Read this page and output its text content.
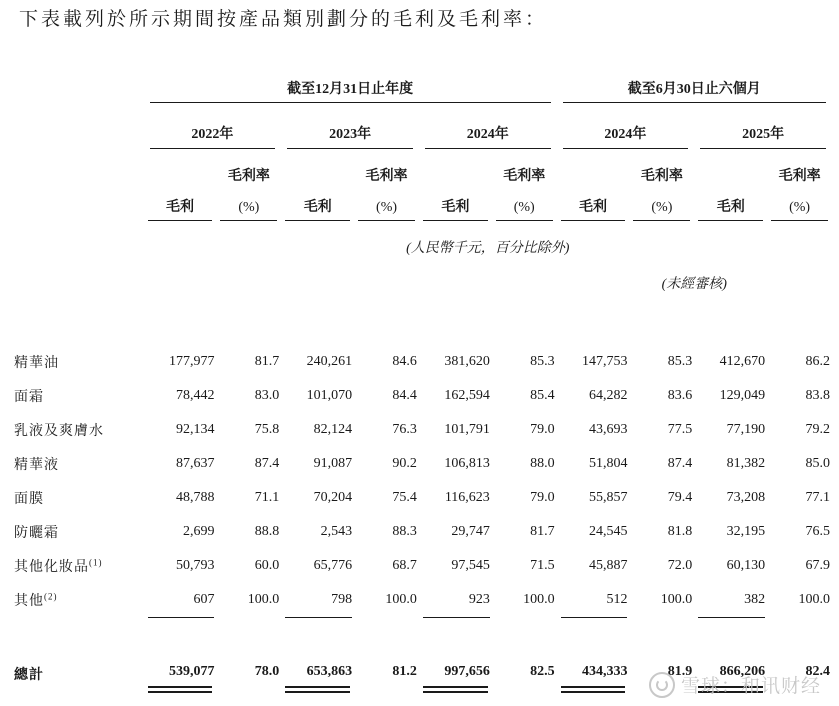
下表載列於所示期間按產品類別劃分的毛利及毛利率：

	截至12月31日止年度						截至6月30日止六個月			

	2022年		2023年		2024年		2024年		2025年	

		毛利率		毛利率		毛利率		毛利率		毛利率

	毛利	(%)	毛利	(%)	毛利	(%)	毛利	(%)	毛利	(%)

	(人民幣千元，百分比除外)									

							(未經審核)			

精華油	177,977	81.7	240,261	84.6	381,620	85.3	147,753	85.3	412,670	86.2
面霜	78,442	83.0	101,070	84.4	162,594	85.4	64,282	83.6	129,049	83.8
乳液及爽膚水	92,134	75.8	82,124	76.3	101,791	79.0	43,693	77.5	77,190	79.2
精華液	87,637	87.4	91,087	90.2	106,813	88.0	51,804	87.4	81,382	85.0
面膜	48,788	71.1	70,204	75.4	116,623	79.0	55,857	79.4	73,208	77.1
防曬霜	2,699	88.8	2,543	88.3	29,747	81.7	24,545	81.8	32,195	76.5
其他化妝品$^{(1)}$	50,793	60.0	65,776	68.7	97,545	71.5	45,887	72.0	60,130	67.9
其他$^{(2)}$	607	100.0	798	100.0	923	100.0	512	100.0	382	100.0

總計	539,077	78.0	653,863	81.2	997,656	82.5	434,333	81.9	866,206	82.4
雪球：和讯财经
